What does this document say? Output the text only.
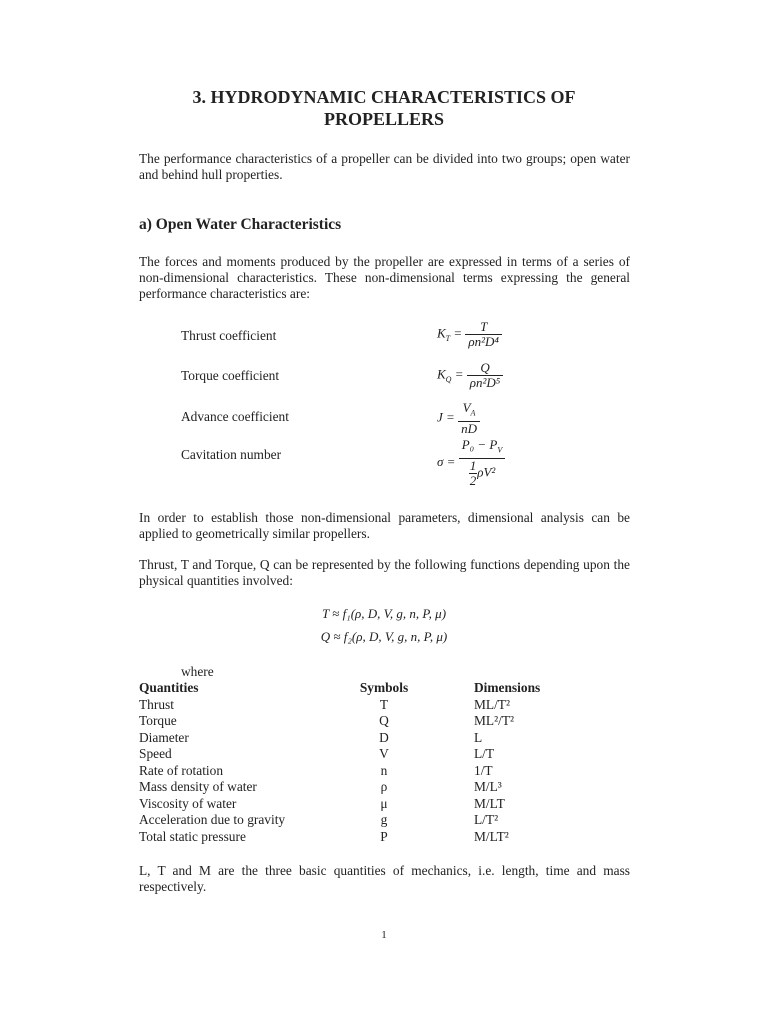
3. HYDRODYNAMIC CHARACTERISTICS OF
PROPELLERS
The performance characteristics of a propeller can be divided into two groups; open water and behind hull properties.
a) Open Water Characteristics
The forces and moments produced by the propeller are expressed in terms of a series of non-dimensional characteristics. These non-dimensional terms expressing the general performance characteristics are:
Thrust coefficient	$K_T = \frac{T}{\text{ρn²D⁴}}$
Torque coefficient	$K_Q = \frac{Q}{\text{ρn²D⁵}}$
Advance coefficient	$J = \frac{V_A}{nD}$
Cavitation number	$\sigma = \frac{P_0 - P_V}{\frac{1}{2} \rho V^2}$
In order to establish those non-dimensional parameters, dimensional analysis can be applied to geometrically similar propellers.
Thrust, T and Torque, Q can be represented by the following functions depending upon the physical quantities involved:
T ≈ f₁(ρ, D, V, g, n, P, μ)
Q ≈ f₂(ρ, D, V, g, n, P, μ)
where
Quantities	Symbols	Dimensions
Thrust	T	ML/T²
Torque	Q	ML²/T²
Diameter	D	L
Speed	V	L/T
Rate of rotation	n	1/T
Mass density of water	ρ	M/L³
Viscosity of water	μ	M/LT
Acceleration due to gravity	g	L/T²
Total static pressure	P	M/LT²
L, T and M are the three basic quantities of mechanics, i.e. length, time and mass respectively.
1
